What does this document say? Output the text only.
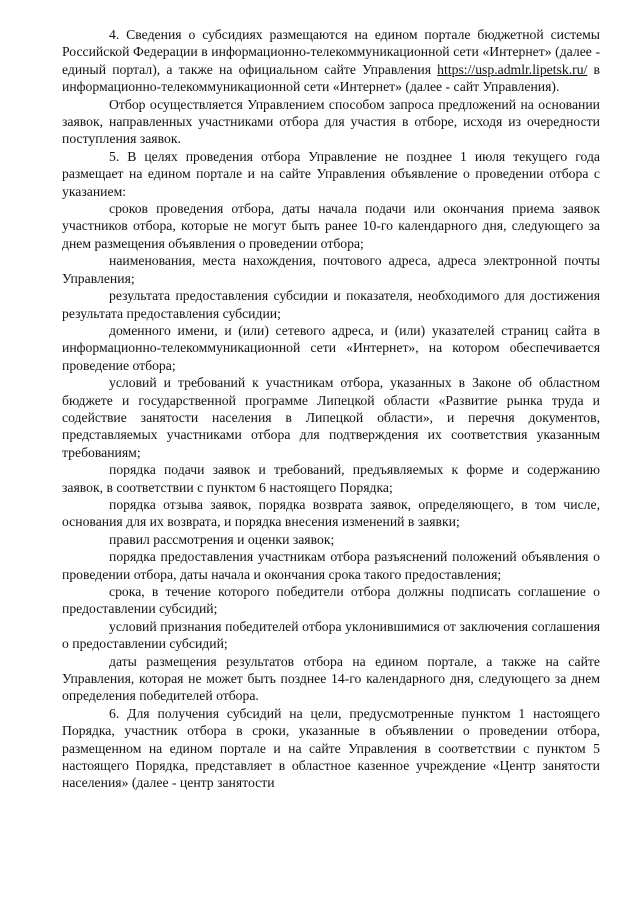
4. Сведения о субсидиях размещаются на едином портале бюджетной системы Российской Федерации в информационно-телекоммуникационной сети «Интернет» (далее - единый портал), а также на официальном сайте Управления https://usp.admlr.lipetsk.ru/ в информационно-телекоммуникационной сети «Интернет» (далее - сайт Управления).

Отбор осуществляется Управлением способом запроса предложений на основании заявок, направленных участниками отбора для участия в отборе, исходя из очередности поступления заявок.

5. В целях проведения отбора Управление не позднее 1 июля текущего года размещает на едином портале и на сайте Управления объявление о проведении отбора с указанием:

сроков проведения отбора, даты начала подачи или окончания приема заявок участников отбора, которые не могут быть ранее 10-го календарного дня, следующего за днем размещения объявления о проведении отбора;

наименования, места нахождения, почтового адреса, адреса электронной почты Управления;

результата предоставления субсидии и показателя, необходимого для достижения результата предоставления субсидии;

доменного имени, и (или) сетевого адреса, и (или) указателей страниц сайта в информационно-телекоммуникационной сети «Интернет», на котором обеспечивается проведение отбора;

условий и требований к участникам отбора, указанных в Законе об областном бюджете и государственной программе Липецкой области «Развитие рынка труда и содействие занятости населения в Липецкой области», и перечня документов, представляемых участниками отбора для подтверждения их соответствия указанным требованиям;

порядка подачи заявок и требований, предъявляемых к форме и содержанию заявок, в соответствии с пунктом 6 настоящего Порядка;

порядка отзыва заявок, порядка возврата заявок, определяющего, в том числе, основания для их возврата, и порядка внесения изменений в заявки;

правил рассмотрения и оценки заявок;

порядка предоставления участникам отбора разъяснений положений объявления о проведении отбора, даты начала и окончания срока такого предоставления;

срока, в течение которого победители отбора должны подписать соглашение о предоставлении субсидий;

условий признания победителей отбора уклонившимися от заключения соглашения о предоставлении субсидий;

даты размещения результатов отбора на едином портале, а также на сайте Управления, которая не может быть позднее 14-го календарного дня, следующего за днем определения победителей отбора.

6. Для получения субсидий на цели, предусмотренные пунктом 1 настоящего Порядка, участник отбора в сроки, указанные в объявлении о проведении отбора, размещенном на едином портале и на сайте Управления в соответствии с пунктом 5 настоящего Порядка, представляет в областное казенное учреждение «Центр занятости населения» (далее - центр занятости
